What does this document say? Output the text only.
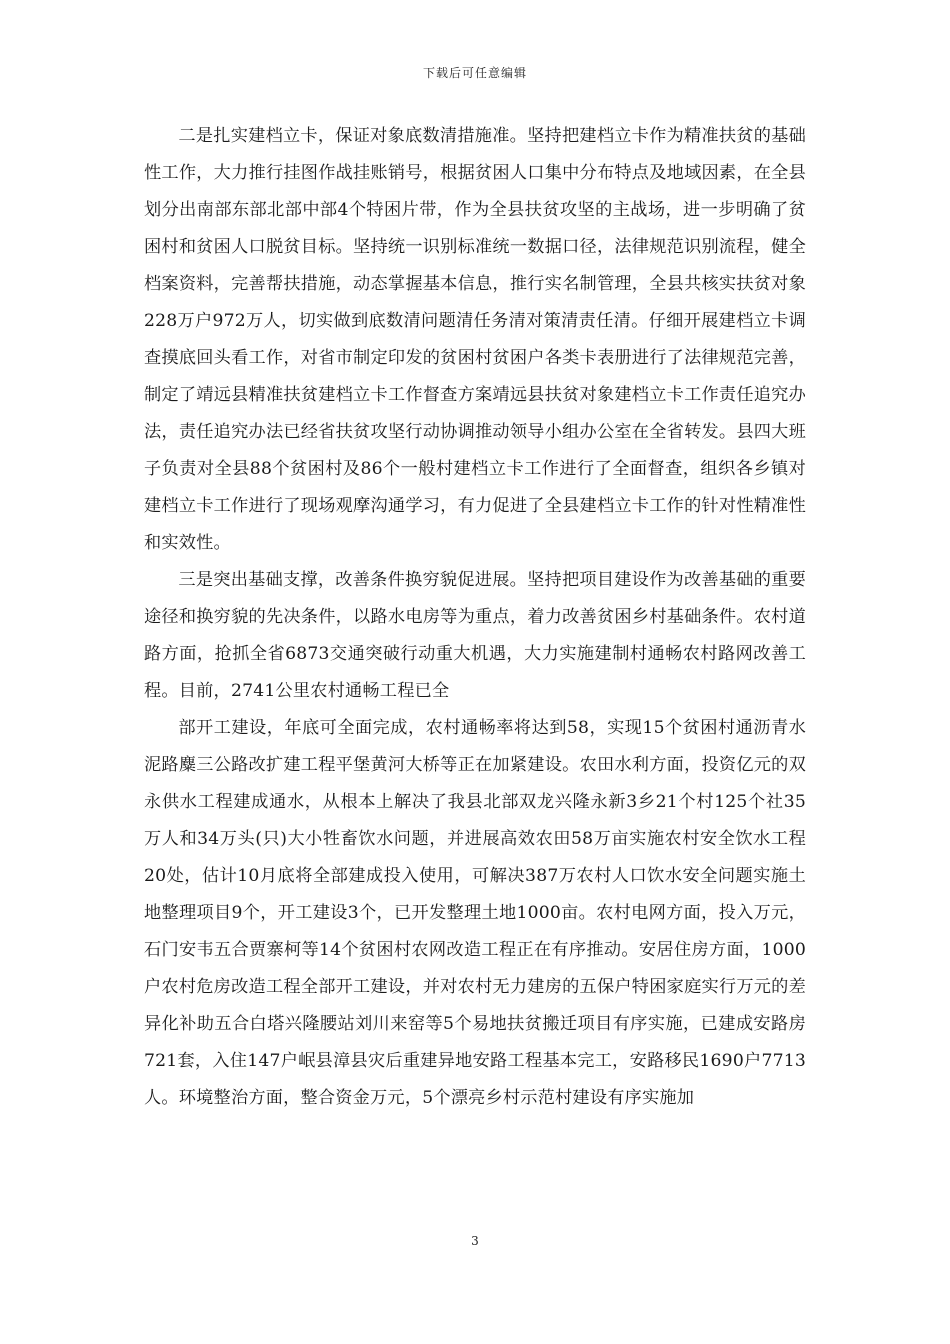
下载后可任意编辑

二是扎实建档立卡，保证对象底数清措施准。坚持把建档立卡作为精准扶贫的基础性工作，大力推行挂图作战挂账销号，根据贫困人口集中分布特点及地域因素，在全县划分出南部东部北部中部4个特困片带，作为全县扶贫攻坚的主战场，进一步明确了贫困村和贫困人口脱贫目标。坚持统一识别标准统一数据口径，法律规范识别流程，健全档案资料，完善帮扶措施，动态掌握基本信息，推行实名制管理，全县共核实扶贫对象228万户972万人，切实做到底数清问题清任务清对策清责任清。仔细开展建档立卡调查摸底回头看工作，对省市制定印发的贫困村贫困户各类卡表册进行了法律规范完善，制定了靖远县精准扶贫建档立卡工作督查方案靖远县扶贫对象建档立卡工作责任追究办法，责任追究办法已经省扶贫攻坚行动协调推动领导小组办公室在全省转发。县四大班子负责对全县88个贫困村及86个一般村建档立卡工作进行了全面督查，组织各乡镇对建档立卡工作进行了现场观摩沟通学习，有力促进了全县建档立卡工作的针对性精准性和实效性。

三是突出基础支撑，改善条件换穷貌促进展。坚持把项目建设作为改善基础的重要途径和换穷貌的先决条件，以路水电房等为重点，着力改善贫困乡村基础条件。农村道路方面，抢抓全省6873交通突破行动重大机遇，大力实施建制村通畅农村路网改善工程。目前，2741公里农村通畅工程已全

部开工建设，年底可全面完成，农村通畅率将达到58，实现15个贫困村通沥青水泥路麋三公路改扩建工程平堡黄河大桥等正在加紧建设。农田水利方面，投资亿元的双永供水工程建成通水，从根本上解决了我县北部双龙兴隆永新3乡21个村125个社35万人和34万头(只)大小牲畜饮水问题，并进展高效农田58万亩实施农村安全饮水工程20处，估计10月底将全部建成投入使用，可解决387万农村人口饮水安全问题实施土地整理项目9个，开工建设3个，已开发整理土地1000亩。农村电网方面，投入万元，石门安韦五合贾寨柯等14个贫困村农网改造工程正在有序推动。安居住房方面，1000户农村危房改造工程全部开工建设，并对农村无力建房的五保户特困家庭实行万元的差异化补助五合白塔兴隆腰站刘川来窑等5个易地扶贫搬迁项目有序实施，已建成安路房721套，入住147户岷县漳县灾后重建异地安路工程基本完工，安路移民1690户7713人。环境整治方面，整合资金万元，5个漂亮乡村示范村建设有序实施加

3
